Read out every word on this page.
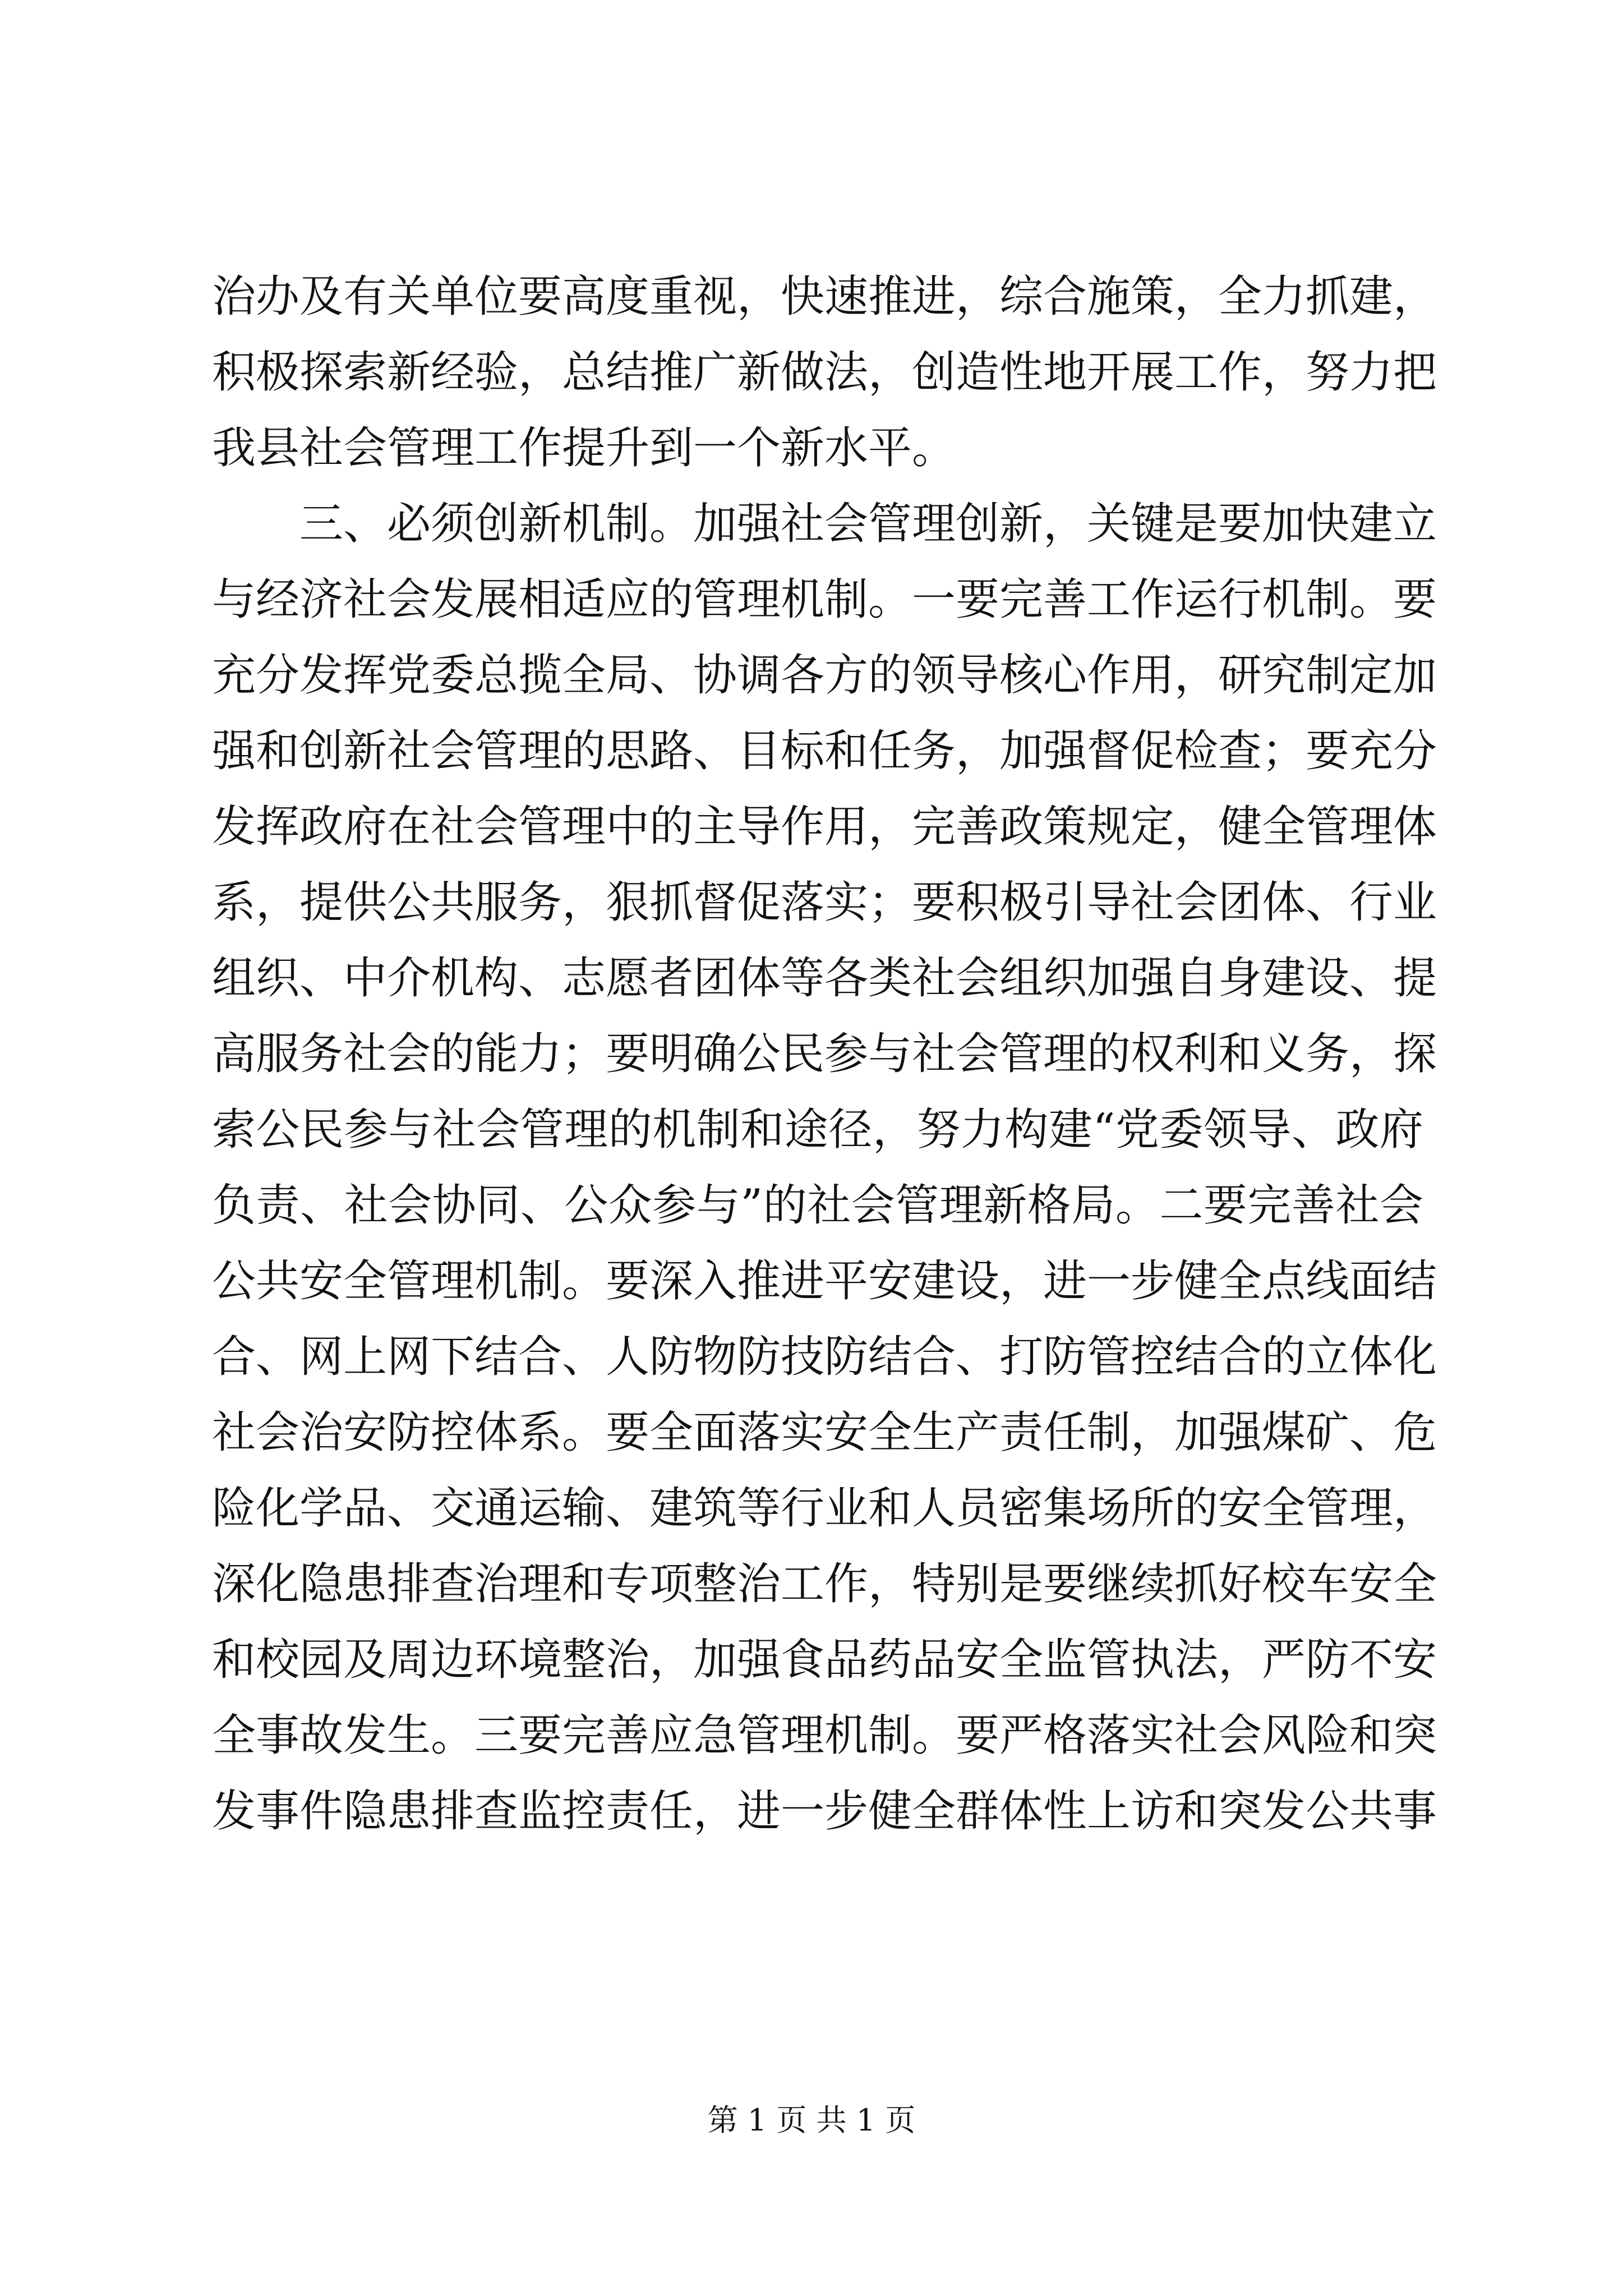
治办及有关单位要高度重视，快速推进，综合施策，全力抓建，
积极探索新经验，总结推广新做法，创造性地开展工作，努力把
我县社会管理工作提升到一个新水平。
三、必须创新机制。加强社会管理创新，关键是要加快建立
与经济社会发展相适应的管理机制。一要完善工作运行机制。要
充分发挥党委总揽全局、协调各方的领导核心作用，研究制定加
强和创新社会管理的思路、目标和任务，加强督促检查；要充分
发挥政府在社会管理中的主导作用，完善政策规定，健全管理体
系，提供公共服务，狠抓督促落实；要积极引导社会团体、行业
组织、中介机构、志愿者团体等各类社会组织加强自身建设、提
高服务社会的能力；要明确公民参与社会管理的权利和义务，探
索公民参与社会管理的机制和途径，努力构建“党委领导、政府
负责、社会协同、公众参与”的社会管理新格局。二要完善社会
公共安全管理机制。要深入推进平安建设，进一步健全点线面结
合、网上网下结合、人防物防技防结合、打防管控结合的立体化
社会治安防控体系。要全面落实安全生产责任制，加强煤矿、危
险化学品、交通运输、建筑等行业和人员密集场所的安全管理，
深化隐患排查治理和专项整治工作，特别是要继续抓好校车安全
和校园及周边环境整治，加强食品药品安全监管执法，严防不安
全事故发生。三要完善应急管理机制。要严格落实社会风险和突
发事件隐患排查监控责任，进一步健全群体性上访和突发公共事
第 1 页 共 1 页
